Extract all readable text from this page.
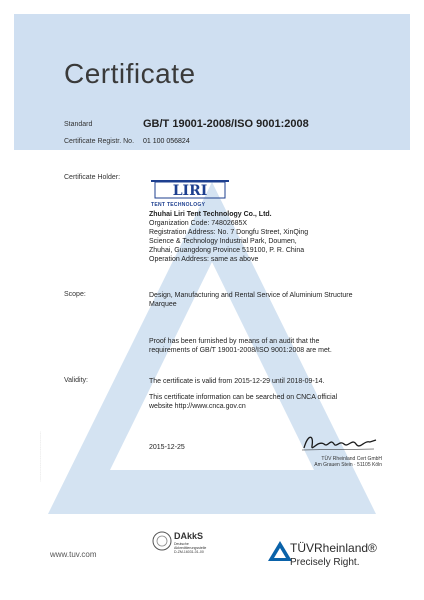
Certificate
Standard	GB/T 19001-2008/ISO 9001:2008
Certificate Registr. No. 01 100 056824
Certificate Holder:
LIRI
TENT TECHNOLOGY
Zhuhai Liri Tent Technology Co., Ltd.
Organization Code: 74802685X
Registration Address: No. 7 Dongfu Street, XinQing
Science & Technology Industrial Park, Doumen,
Zhuhai, Guangdong Province 519100, P. R. China
Operation Address: same as above
Scope:	Design, Manufacturing and Rental Service of Aluminium Structure
Marquee
Proof has been furnished by means of an audit that the
requirements of GB/T 19001-2008/ISO 9001:2008 are met.
Validity:	The certificate is valid from 2015-12-29 until 2018-09-14.
This certificate information can be searched on CNCA official
website http://www.cnca.gov.cn
2015-12-25
TÜV Rheinland Cert GmbH
Am Grauen Stein · 51105 Köln
........................................................................
www.tuv.com
DAkkS
Deutsche
Akkreditierungsstelle
D-ZM-16031-01-00	TÜVRheinland®
Precisely Right.
